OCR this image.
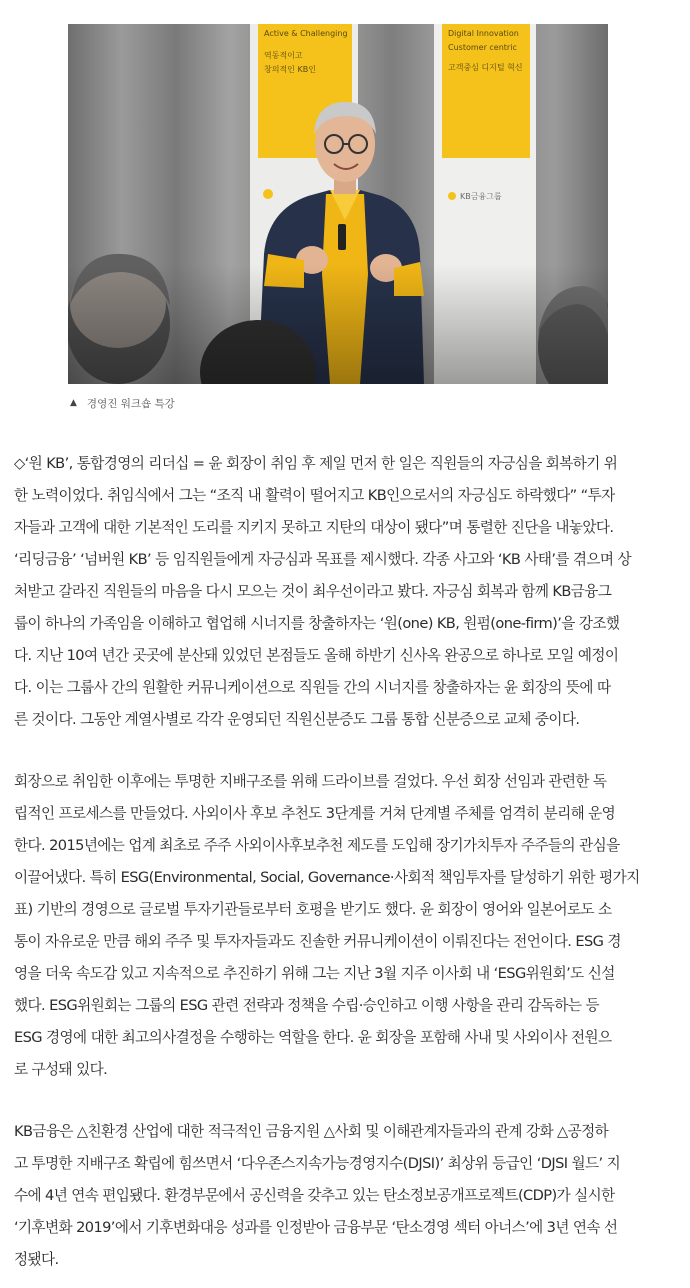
Active & Challenging
역동적이고
창의적인 KB인
Digital Innovation
Customer centric
고객중심 디지털 혁신
KB금융그룹
▲ 경영진 워크숍 특강

◇‘원 KB’, 통합경영의 리더십 = 윤 회장이 취임 후 제일 먼저 한 일은 직원들의 자긍심을 회복하기 위
한 노력이었다. 취임식에서 그는 “조직 내 활력이 떨어지고 KB인으로서의 자긍심도 하락했다” “투자
자들과 고객에 대한 기본적인 도리를 지키지 못하고 지탄의 대상이 됐다”며 통렬한 진단을 내놓았다.
‘리딩금융’ ‘넘버원 KB’ 등 임직원들에게 자긍심과 목표를 제시했다. 각종 사고와 ‘KB 사태’를 겪으며 상
처받고 갈라진 직원들의 마음을 다시 모으는 것이 최우선이라고 봤다. 자긍심 회복과 함께 KB금융그
룹이 하나의 가족임을 이해하고 협업해 시너지를 창출하자는 ‘원(one) KB, 원펌(one-firm)’을 강조했
다. 지난 10여 년간 곳곳에 분산돼 있었던 본점들도 올해 하반기 신사옥 완공으로 하나로 모일 예정이
다. 이는 그룹사 간의 원활한 커뮤니케이션으로 직원들 간의 시너지를 창출하자는 윤 회장의 뜻에 따
른 것이다. 그동안 계열사별로 각각 운영되던 직원신분증도 그룹 통합 신분증으로 교체 중이다.

회장으로 취임한 이후에는 투명한 지배구조를 위해 드라이브를 걸었다. 우선 회장 선임과 관련한 독
립적인 프로세스를 만들었다. 사외이사 후보 추천도 3단계를 거쳐 단계별 주체를 엄격히 분리해 운영
한다. 2015년에는 업계 최초로 주주 사외이사후보추천 제도를 도입해 장기가치투자 주주들의 관심을
이끌어냈다. 특히 ESG(Environmental, Social, Governance·사회적 책임투자를 달성하기 위한 평가지
표) 기반의 경영으로 글로벌 투자기관들로부터 호평을 받기도 했다. 윤 회장이 영어와 일본어로도 소
통이 자유로운 만큼 해외 주주 및 투자자들과도 진솔한 커뮤니케이션이 이뤄진다는 전언이다. ESG 경
영을 더욱 속도감 있고 지속적으로 추진하기 위해 그는 지난 3월 지주 이사회 내 ‘ESG위원회’도 신설
했다. ESG위원회는 그룹의 ESG 관련 전략과 정책을 수립·승인하고 이행 사항을 관리 감독하는 등
ESG 경영에 대한 최고의사결정을 수행하는 역할을 한다. 윤 회장을 포함해 사내 및 사외이사 전원으
로 구성돼 있다.

KB금융은 △친환경 산업에 대한 적극적인 금융지원 △사회 및 이해관계자들과의 관계 강화 △공정하
고 투명한 지배구조 확립에 힘쓰면서 ‘다우존스지속가능경영지수(DJSI)’ 최상위 등급인 ‘DJSI 월드’ 지
수에 4년 연속 편입됐다. 환경부문에서 공신력을 갖추고 있는 탄소정보공개프로젝트(CDP)가 실시한
‘기후변화 2019’에서 기후변화대응 성과를 인정받아 금융부문 ‘탄소경영 섹터 아너스’에 3년 연속 선
정됐다.
